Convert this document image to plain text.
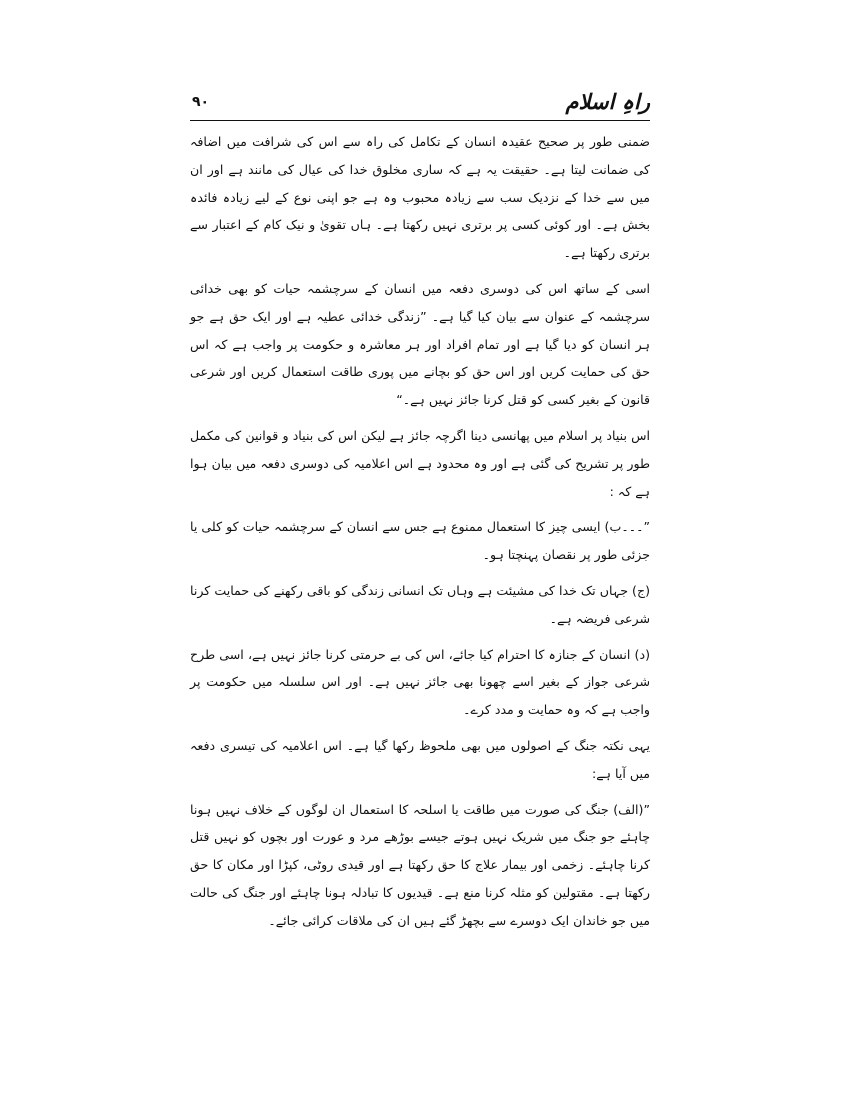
راہِ اسلام
۹۰

ضمنی طور پر صحیح عقیدہ انسان کے تکامل کی راہ سے اس کی شرافت میں اضافہ کی ضمانت لیتا ہے۔ حقیقت یہ ہے کہ ساری مخلوق خدا کی عیال کی مانند ہے اور ان میں سے خدا کے نزدیک سب سے زیادہ محبوب وہ ہے جو اپنی نوع کے لیے زیادہ فائدہ بخش ہے۔ اور کوئی کسی پر برتری نہیں رکھتا ہے۔ ہاں تقویٰ و نیک کام کے اعتبار سے برتری رکھتا ہے۔

اسی کے ساتھ اس کی دوسری دفعہ میں انسان کے سرچشمہ حیات کو بھی خدائی سرچشمہ کے عنوان سے بیان کیا گیا ہے۔ ”زندگی خدائی عطیہ ہے اور ایک حق ہے جو ہر انسان کو دیا گیا ہے اور تمام افراد اور ہر معاشرہ و حکومت پر واجب ہے کہ اس حق کی حمایت کریں اور اس حق کو بچانے میں پوری طاقت استعمال کریں اور شرعی قانون کے بغیر کسی کو قتل کرنا جائز نہیں ہے۔“

اس بنیاد پر اسلام میں پھانسی دینا اگرچہ جائز ہے لیکن اس کی بنیاد و قوانین کی مکمل طور پر تشریح کی گئی ہے اور وہ محدود ہے اس اعلامیہ کی دوسری دفعہ میں بیان ہوا ہے کہ :

”۔۔۔ب) ایسی چیز کا استعمال ممنوع ہے جس سے انسان کے سرچشمہ حیات کو کلی یا جزئی طور پر نقصان پہنچتا ہو۔

(ج) جہاں تک خدا کی مشیئت ہے وہاں تک انسانی زندگی کو باقی رکھنے کی حمایت کرنا شرعی فریضہ ہے۔

(د) انسان کے جنازہ کا احترام کیا جائے، اس کی بے حرمتی کرنا جائز نہیں ہے، اسی طرح شرعی جواز کے بغیر اسے چھونا بھی جائز نہیں ہے۔ اور اس سلسلہ میں حکومت پر واجب ہے کہ وہ حمایت و مدد کرے۔

یہی نکتہ جنگ کے اصولوں میں بھی ملحوظ رکھا گیا ہے۔ اس اعلامیہ کی تیسری دفعہ میں آیا ہے:

”(الف) جنگ کی صورت میں طاقت یا اسلحہ کا استعمال ان لوگوں کے خلاف نہیں ہونا چاہئے جو جنگ میں شریک نہیں ہوتے جیسے بوڑھے مرد و عورت اور بچوں کو نہیں قتل کرنا چاہئے۔ زخمی اور بیمار علاج کا حق رکھتا ہے اور قیدی روٹی، کپڑا اور مکان کا حق رکھتا ہے۔ مقتولین کو مثلہ کرنا منع ہے۔ قیدیوں کا تبادلہ ہونا چاہئے اور جنگ کی حالت میں جو خاندان ایک دوسرے سے بچھڑ گئے ہیں ان کی ملاقات کرائی جائے۔
